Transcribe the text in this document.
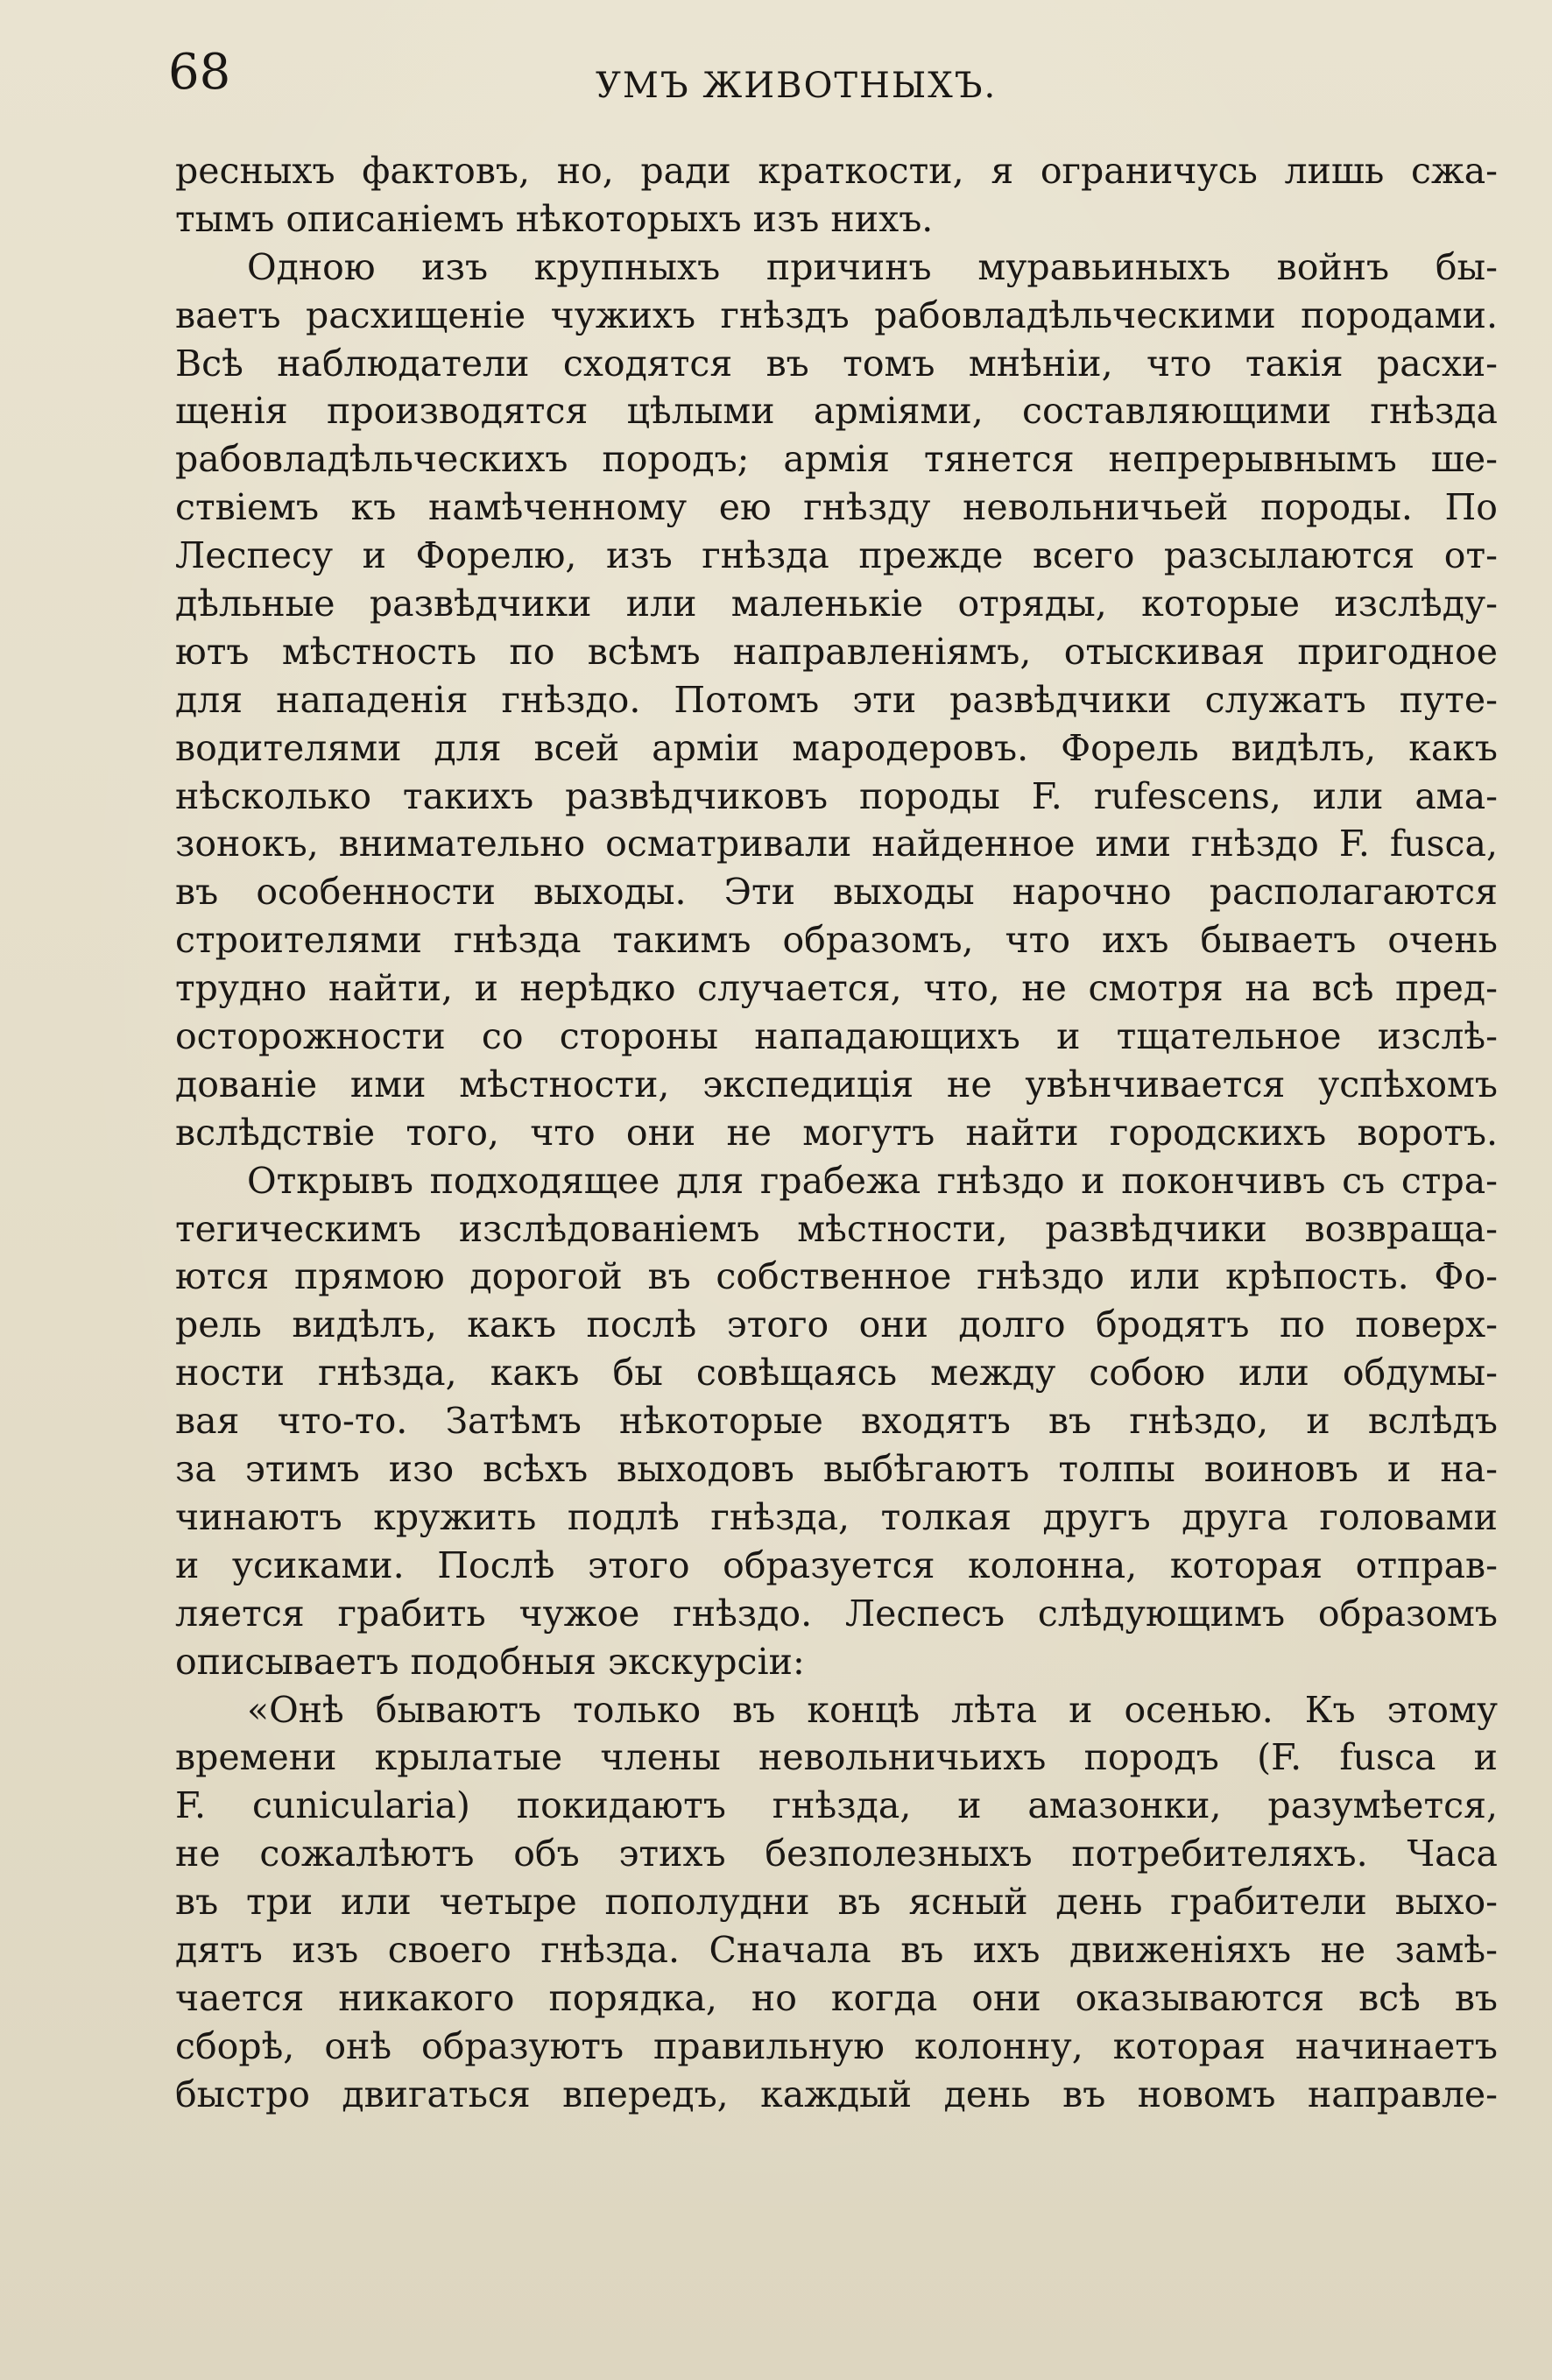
68	УМЪ ЖИВОТНЫХЪ.
ресныхъ фактовъ, но, ради краткости, я ограничусь лишь сжа-
тымъ описаніемъ нѣкоторыхъ изъ нихъ.
Одною изъ крупныхъ причинъ муравьиныхъ войнъ бы-
ваетъ расхищеніе чужихъ гнѣздъ рабовладѣльческими породами.
Всѣ наблюдатели сходятся въ томъ мнѣніи, что такія расхи-
щенія производятся цѣлыми арміями, составляющими гнѣзда
рабовладѣльческихъ породъ; армія тянется непрерывнымъ ше-
ствіемъ къ намѣченному ею гнѣзду невольничьей породы. По
Леспесу и Форелю, изъ гнѣзда прежде всего разсылаются от-
дѣльные развѣдчики или маленькіе отряды, которые изслѣду-
ютъ мѣстность по всѣмъ направленіямъ, отыскивая пригодное
для нападенія гнѣздо. Потомъ эти развѣдчики служатъ путе-
водителями для всей арміи мародеровъ. Форель видѣлъ, какъ
нѣсколько такихъ развѣдчиковъ породы F. rufescens, или ама-
зонокъ, внимательно осматривали найденное ими гнѣздо F. fusca,
въ особенности выходы. Эти выходы нарочно располагаются
строителями гнѣзда такимъ образомъ, что ихъ бываетъ очень
трудно найти, и нерѣдко случается, что, не смотря на всѣ пред-
осторожности со стороны нападающихъ и тщательное изслѣ-
дованіе ими мѣстности, экспедиція не увѣнчивается успѣхомъ
вслѣдствіе того, что они не могутъ найти городскихъ воротъ.
Открывъ подходящее для грабежа гнѣздо и покончивъ съ стра-
тегическимъ изслѣдованіемъ мѣстности, развѣдчики возвраща-
ются прямою дорогой въ собственное гнѣздо или крѣпость. Фо-
рель видѣлъ, какъ послѣ этого они долго бродятъ по поверх-
ности гнѣзда, какъ бы совѣщаясь между собою или обдумы-
вая что-то. Затѣмъ нѣкоторые входятъ въ гнѣздо, и вслѣдъ
за этимъ изо всѣхъ выходовъ выбѣгаютъ толпы воиновъ и на-
чинаютъ кружить подлѣ гнѣзда, толкая другъ друга головами
и усиками. Послѣ этого образуется колонна, которая отправ-
ляется грабить чужое гнѣздо. Леспесъ слѣдующимъ образомъ
описываетъ подобныя экскурсіи:
«Онѣ бываютъ только въ концѣ лѣта и осенью. Къ этому
времени крылатые члены невольничьихъ породъ (F. fusca и
F. cunicularia) покидаютъ гнѣзда, и амазонки, разумѣется,
не сожалѣютъ объ этихъ безполезныхъ потребителяхъ. Часа
въ три или четыре пополудни въ ясный день грабители выхо-
дятъ изъ своего гнѣзда. Сначала въ ихъ движеніяхъ не замѣ-
чается никакого порядка, но когда они оказываются всѣ въ
сборѣ, онѣ образуютъ правильную колонну, которая начинаетъ
быстро двигаться впередъ, каждый день въ новомъ направле-
